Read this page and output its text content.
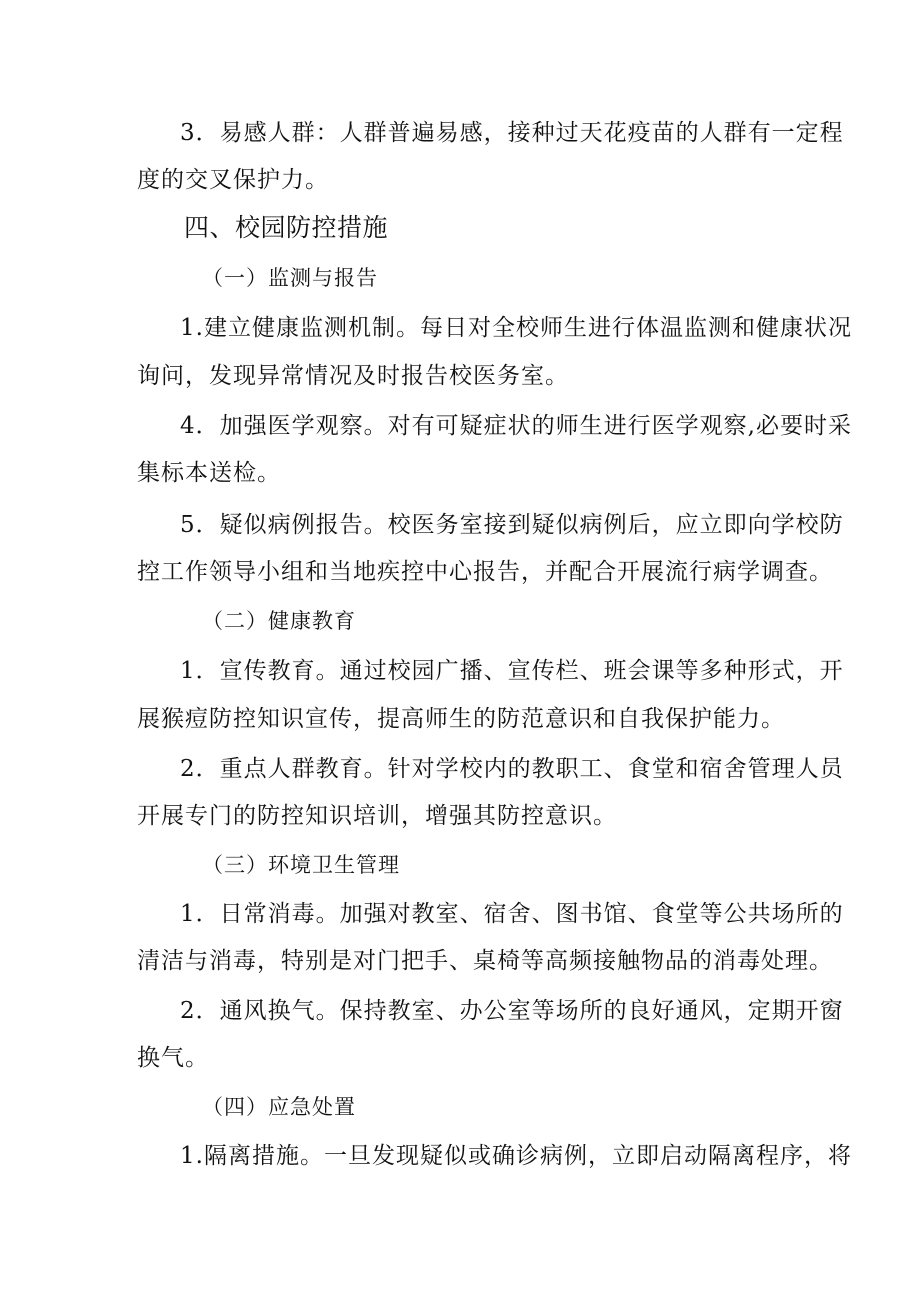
3．易感人群：人群普遍易感，接种过天花疫苗的人群有一定程
度的交叉保护力。
四、校园防控措施
（一）监测与报告
1.建立健康监测机制。每日对全校师生进行体温监测和健康状况
询问，发现异常情况及时报告校医务室。
4．加强医学观察。对有可疑症状的师生进行医学观察,必要时采
集标本送检。
5．疑似病例报告。校医务室接到疑似病例后，应立即向学校防
控工作领导小组和当地疾控中心报告，并配合开展流行病学调查。
（二）健康教育
1．宣传教育。通过校园广播、宣传栏、班会课等多种形式，开
展猴痘防控知识宣传，提高师生的防范意识和自我保护能力。
2．重点人群教育。针对学校内的教职工、食堂和宿舍管理人员
开展专门的防控知识培训，增强其防控意识。
（三）环境卫生管理
1．日常消毒。加强对教室、宿舍、图书馆、食堂等公共场所的
清洁与消毒，特别是对门把手、桌椅等高频接触物品的消毒处理。
2．通风换气。保持教室、办公室等场所的良好通风，定期开窗
换气。
（四）应急处置
1.隔离措施。一旦发现疑似或确诊病例，立即启动隔离程序，将
